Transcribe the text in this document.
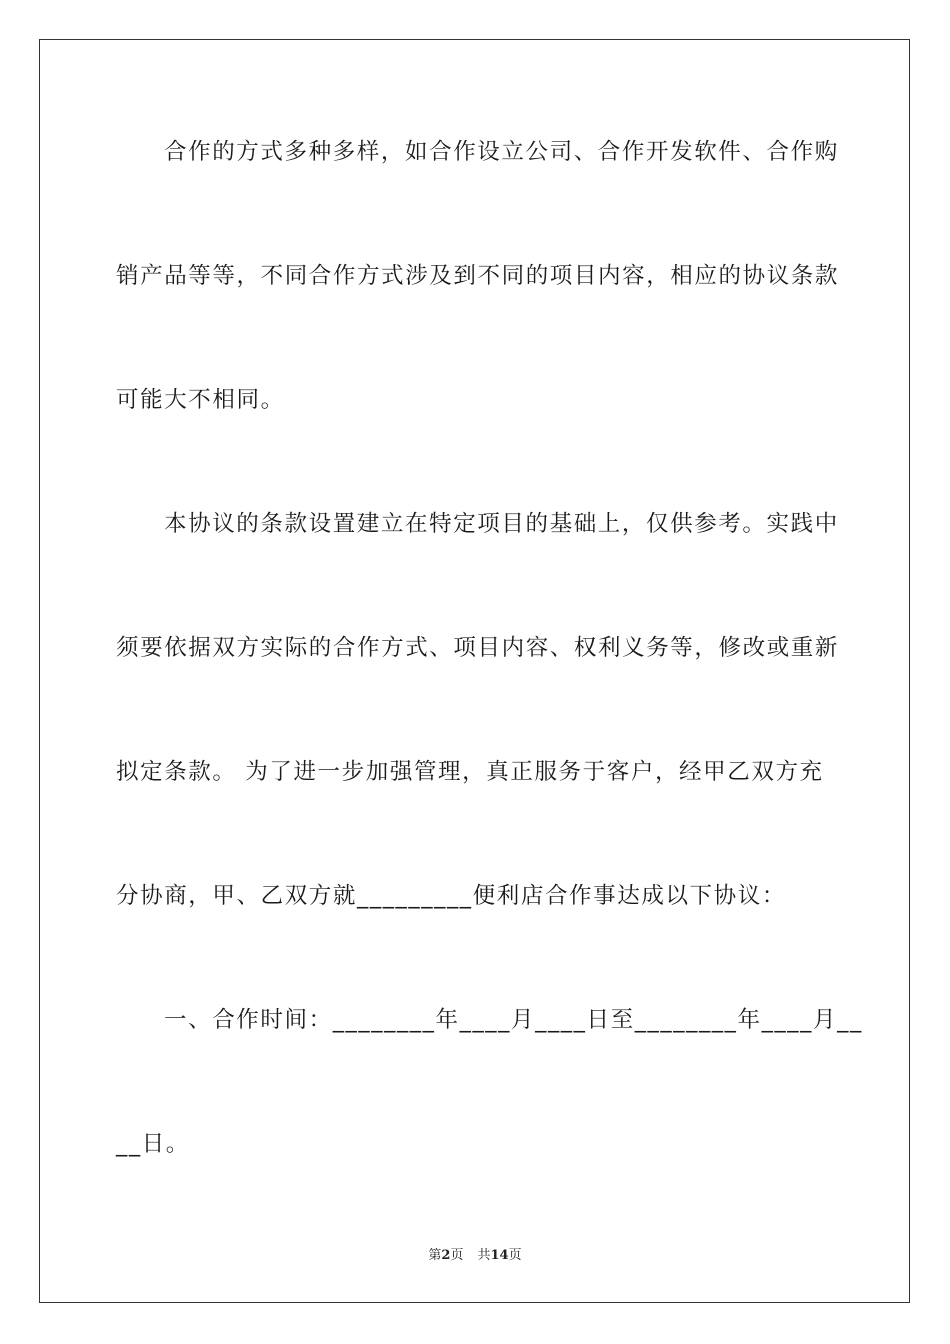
合作的方式多种多样，如合作设立公司、合作开发软件、合作购
销产品等等，不同合作方式涉及到不同的项目内容，相应的协议条款
可能大不相同。
本协议的条款设置建立在特定项目的基础上，仅供参考。实践中
须要依据双方实际的合作方式、项目内容、权利义务等，修改或重新
拟定条款。 为了进一步加强管理，真正服务于客户，经甲乙双方充
分协商，甲、乙双方就_________便利店合作事达成以下协议：
一、合作时间：________年____月____日至________年____月__
__日。
第2页 共14页
